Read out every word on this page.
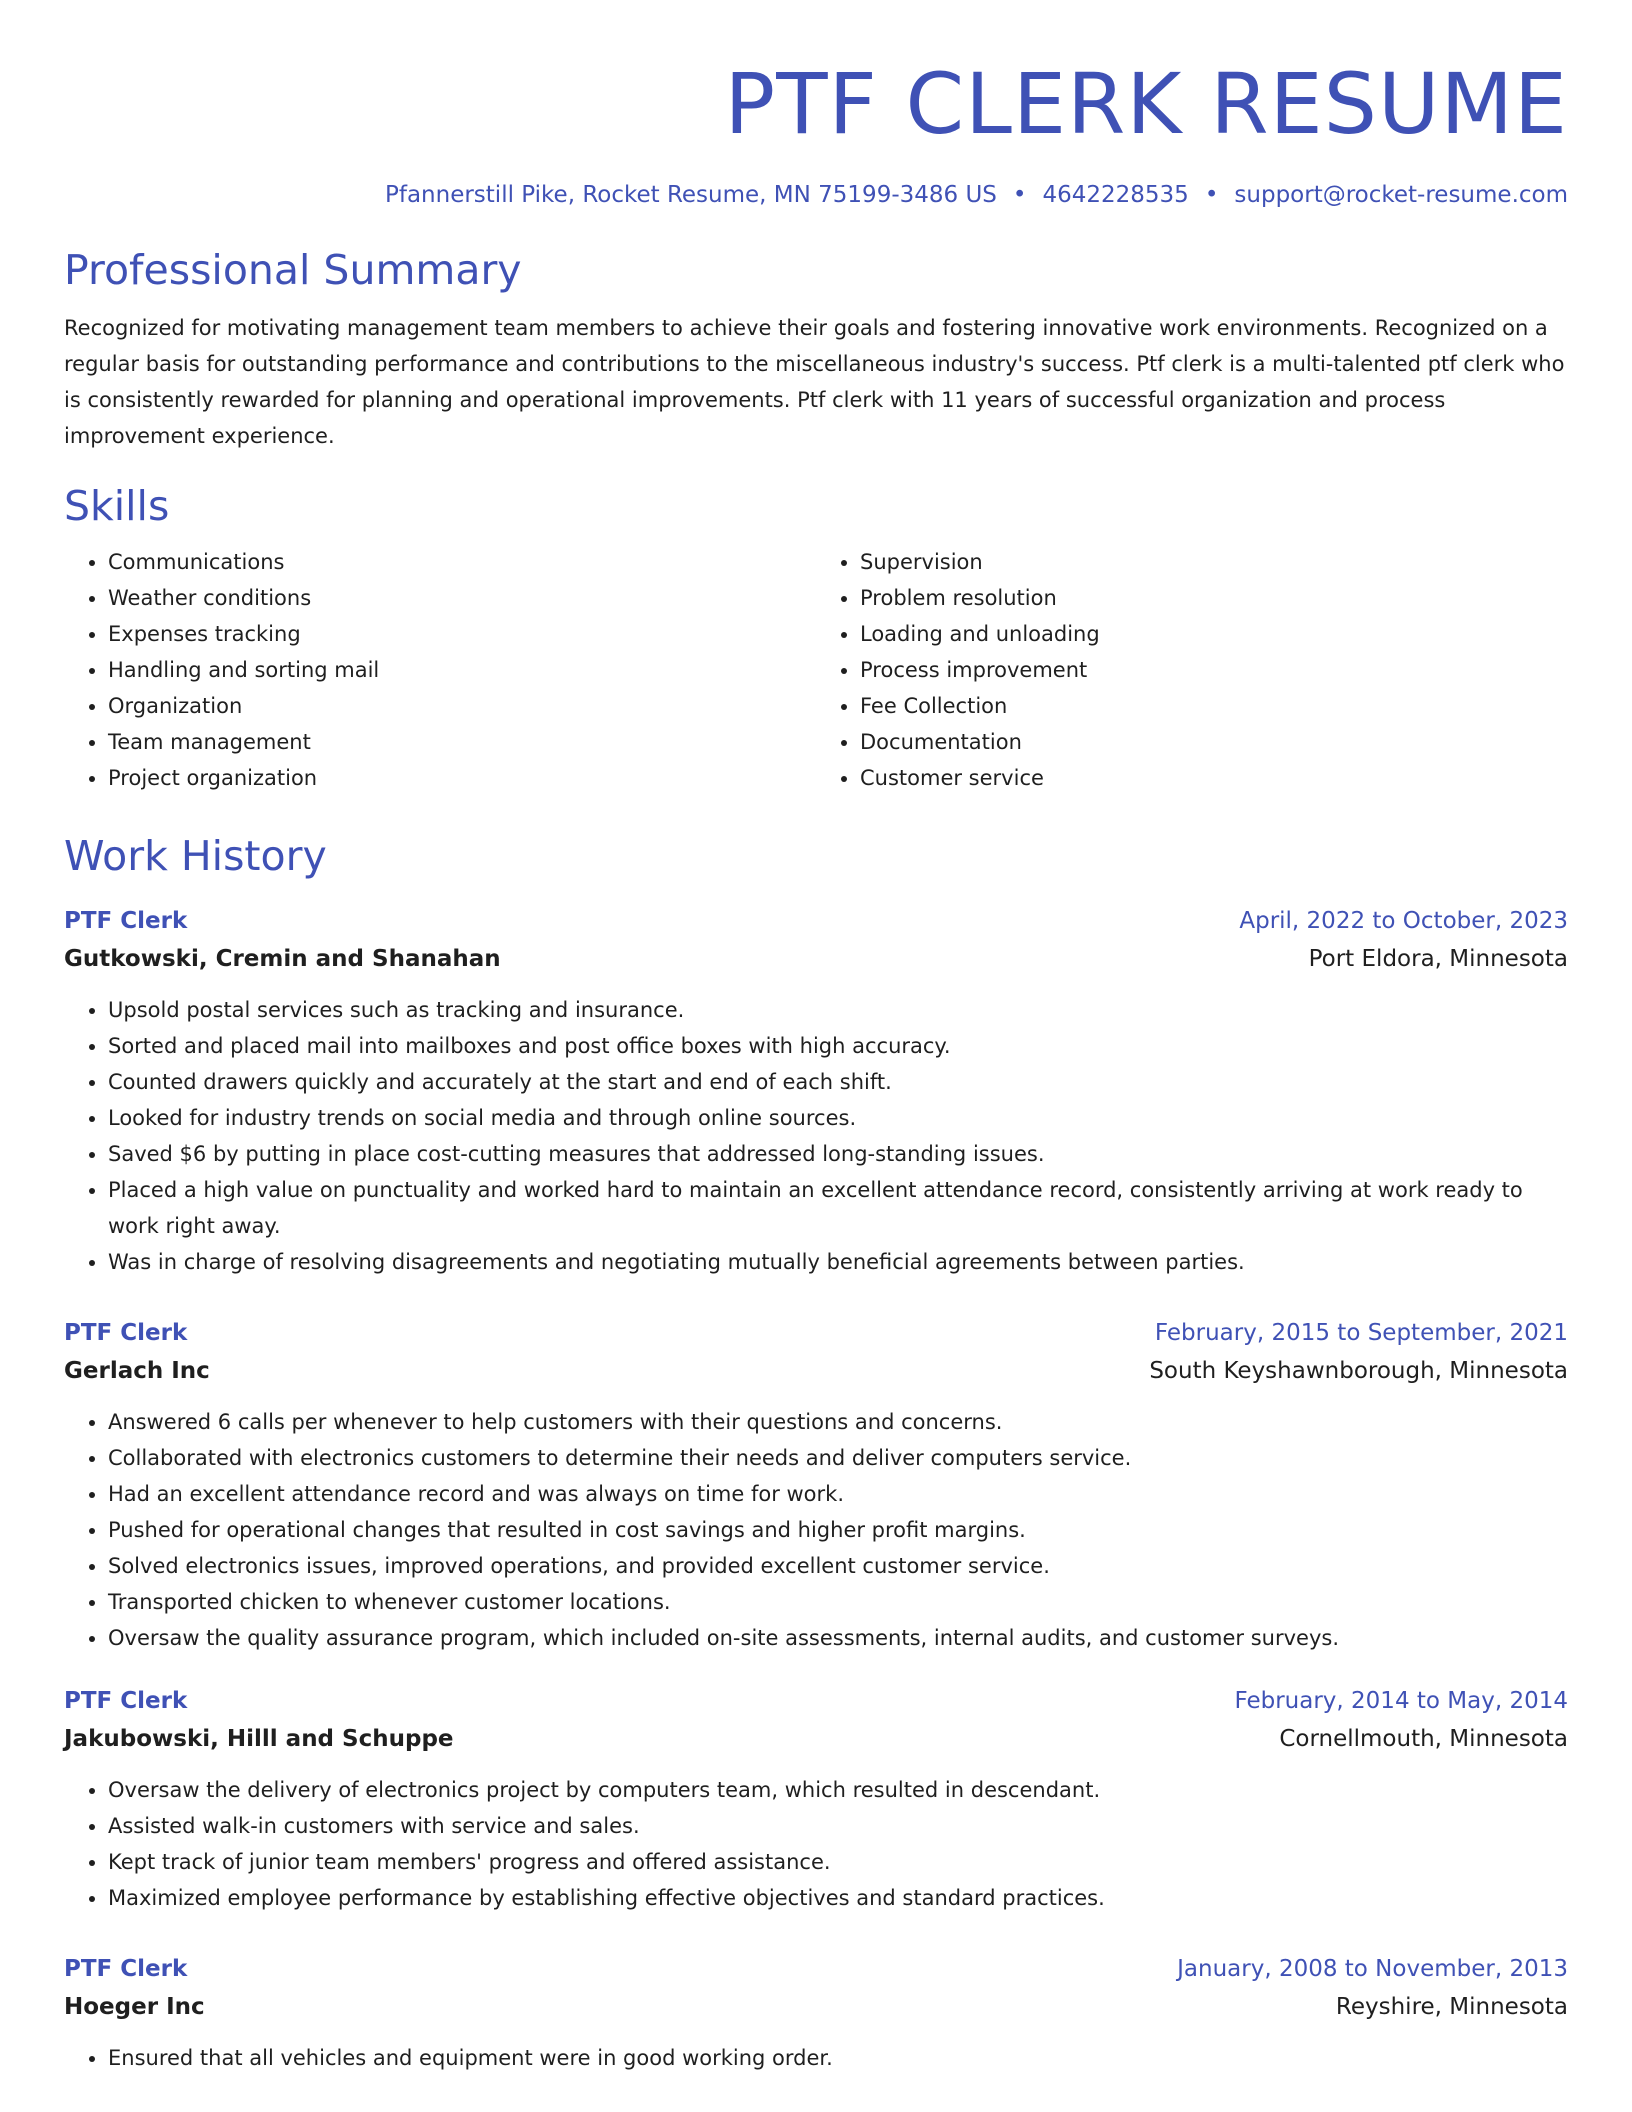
PTF CLERK RESUME
Pfannerstill Pike, Rocket Resume, MN 75199-3486 US • 4642228535 • support@rocket-resume.com
Professional Summary
Recognized for motivating management team members to achieve their goals and fostering innovative work environments. Recognized on a regular basis for outstanding performance and contributions to the miscellaneous industry's success. Ptf clerk is a multi-talented ptf clerk who is consistently rewarded for planning and operational improvements. Ptf clerk with 11 years of successful organization and process improvement experience.
Skills
• Communications
• Weather conditions
• Expenses tracking
• Handling and sorting mail
• Organization
• Team management
• Project organization
• Supervision
• Problem resolution
• Loading and unloading
• Process improvement
• Fee Collection
• Documentation
• Customer service
Work History
PTF Clerk	April, 2022 to October, 2023
Gutkowski, Cremin and Shanahan	Port Eldora, Minnesota
• Upsold postal services such as tracking and insurance.
• Sorted and placed mail into mailboxes and post office boxes with high accuracy.
• Counted drawers quickly and accurately at the start and end of each shift.
• Looked for industry trends on social media and through online sources.
• Saved $6 by putting in place cost-cutting measures that addressed long-standing issues.
• Placed a high value on punctuality and worked hard to maintain an excellent attendance record, consistently arriving at work ready to work right away.
• Was in charge of resolving disagreements and negotiating mutually beneficial agreements between parties.
PTF Clerk	February, 2015 to September, 2021
Gerlach Inc	South Keyshawnborough, Minnesota
• Answered 6 calls per whenever to help customers with their questions and concerns.
• Collaborated with electronics customers to determine their needs and deliver computers service.
• Had an excellent attendance record and was always on time for work.
• Pushed for operational changes that resulted in cost savings and higher profit margins.
• Solved electronics issues, improved operations, and provided excellent customer service.
• Transported chicken to whenever customer locations.
• Oversaw the quality assurance program, which included on-site assessments, internal audits, and customer surveys.
PTF Clerk	February, 2014 to May, 2014
Jakubowski, Hilll and Schuppe	Cornellmouth, Minnesota
• Oversaw the delivery of electronics project by computers team, which resulted in descendant.
• Assisted walk-in customers with service and sales.
• Kept track of junior team members' progress and offered assistance.
• Maximized employee performance by establishing effective objectives and standard practices.
PTF Clerk	January, 2008 to November, 2013
Hoeger Inc	Reyshire, Minnesota
• Ensured that all vehicles and equipment were in good working order.
